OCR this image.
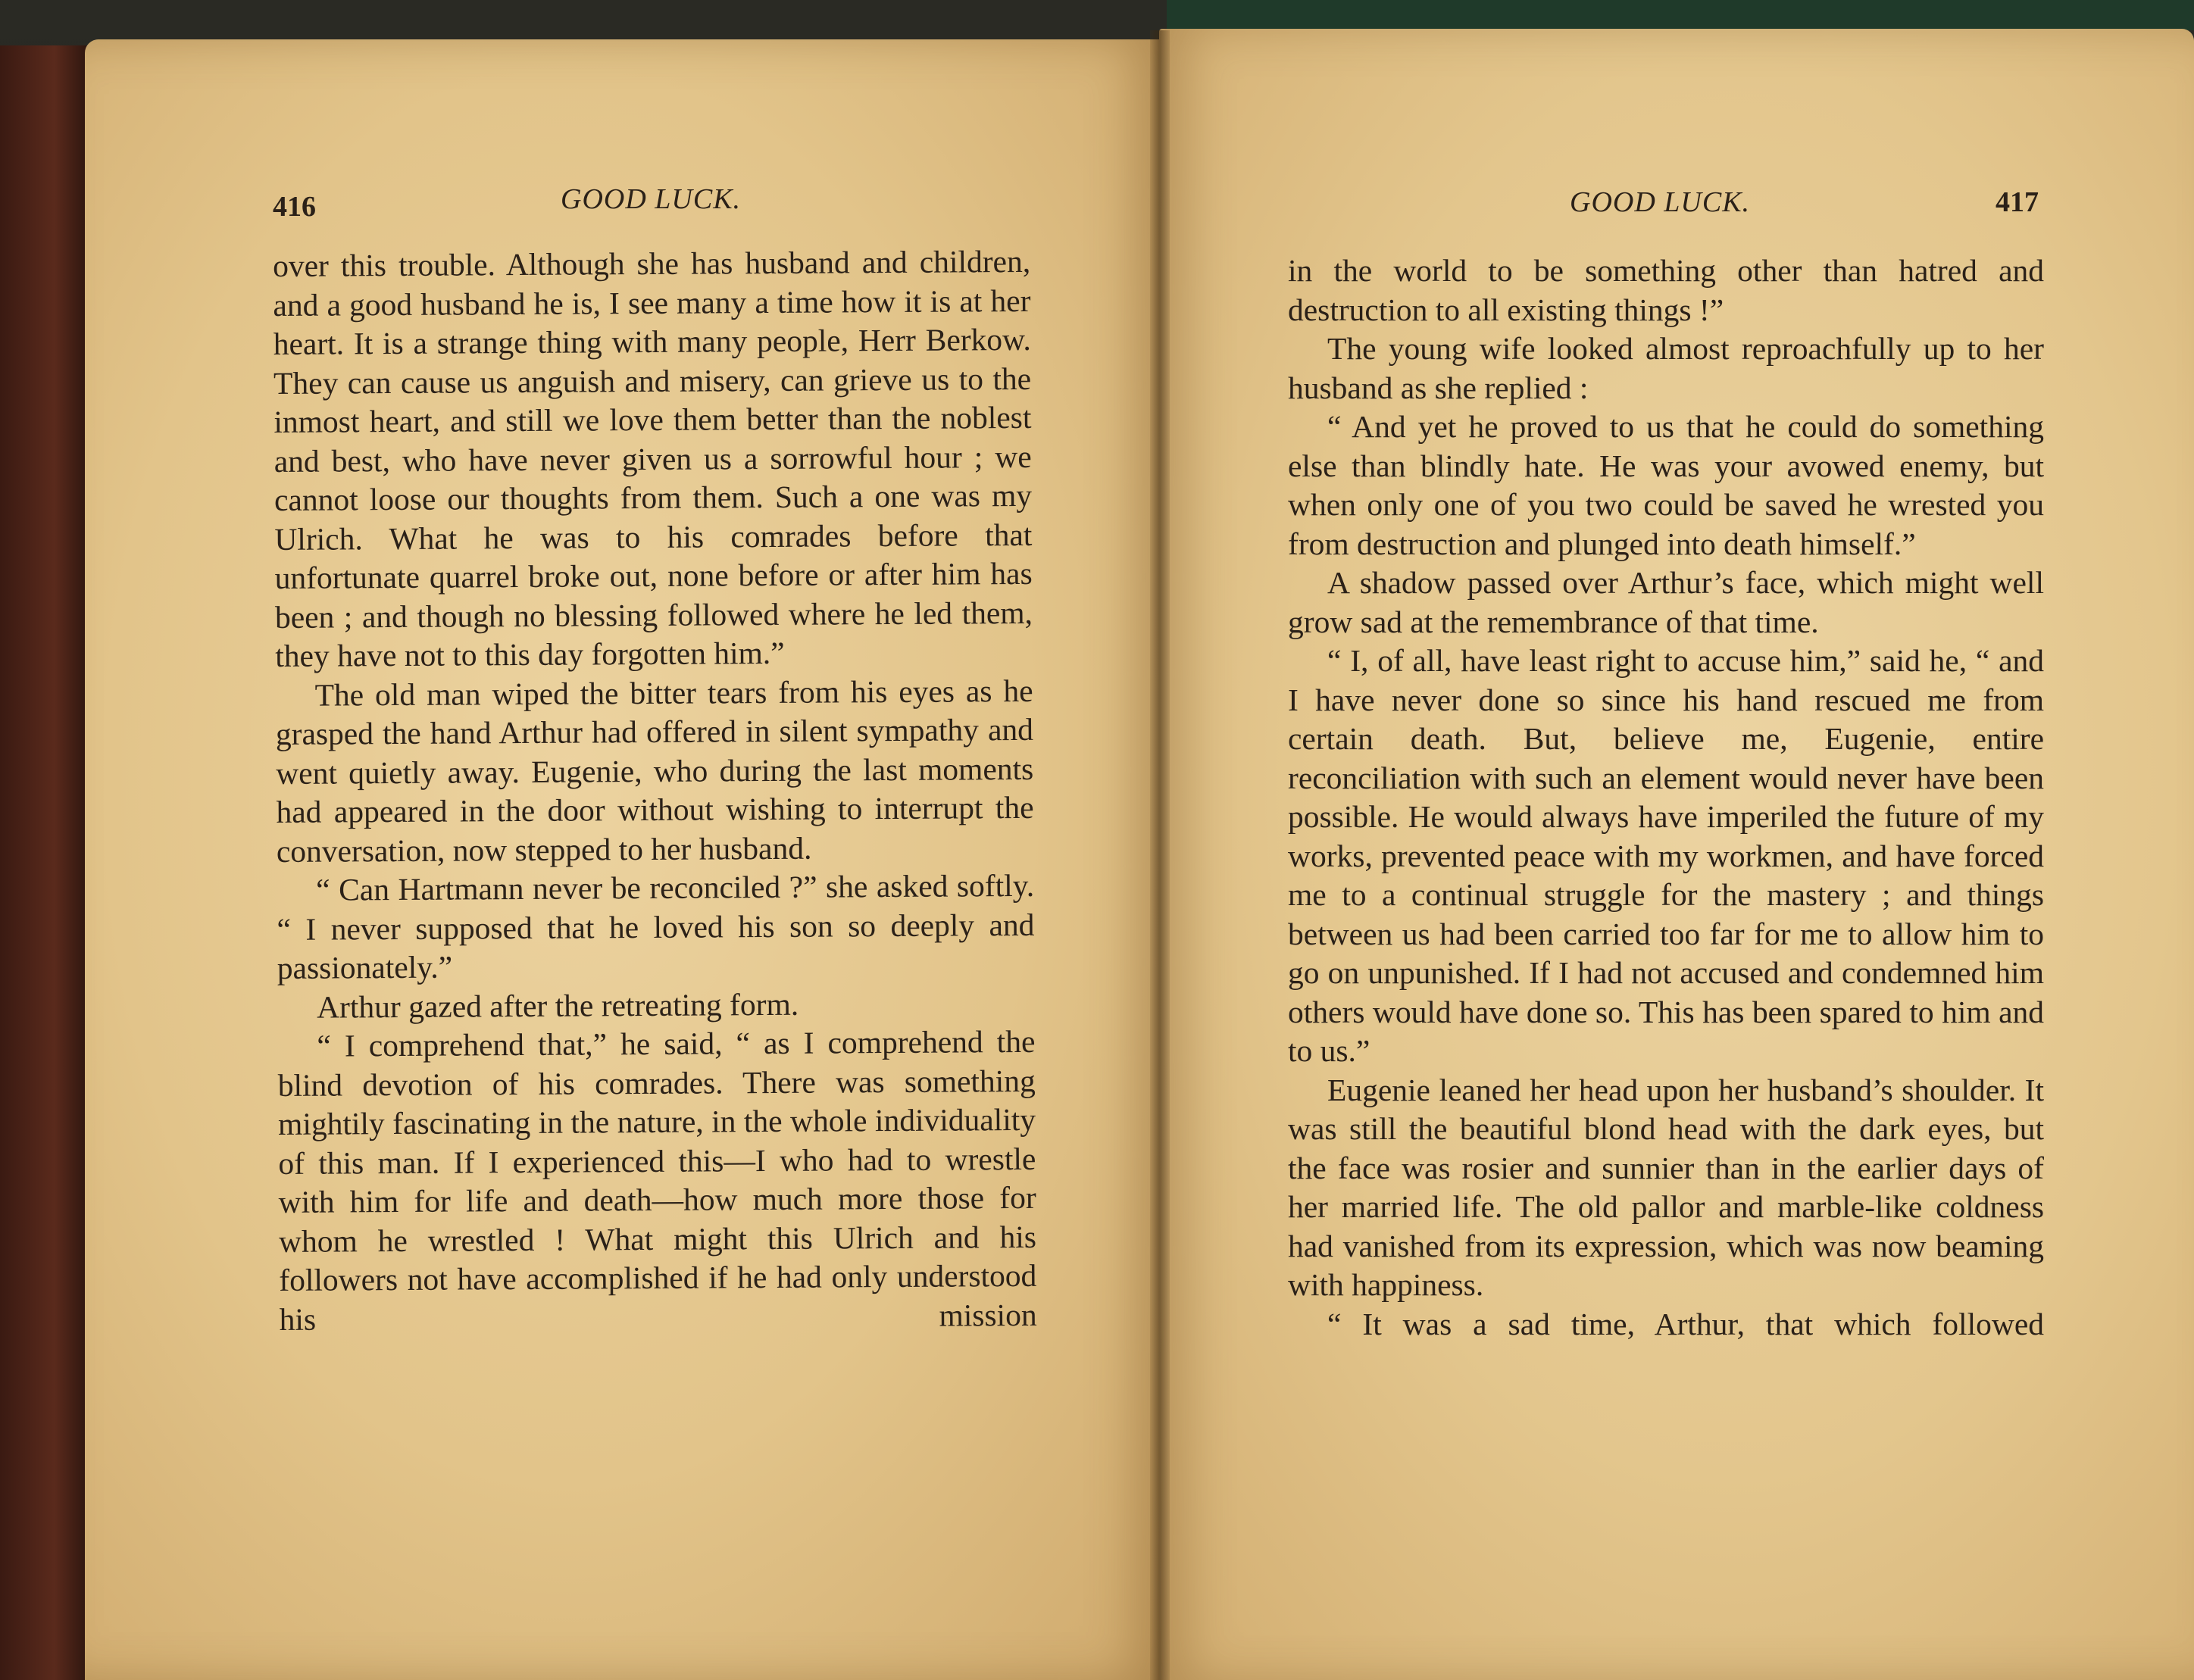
416	GOOD LUCK.	GOOD LUCK.	417

over this trouble. Although she has husband and children, and a good husband he is, I see many a time how it is at her heart. It is a strange thing with many people, Herr Berkow. They can cause us anguish and misery, can grieve us to the inmost heart, and still we love them better than the noblest and best, who have never given us a sorrowful hour ; we cannot loose our thoughts from them. Such a one was my Ulrich. What he was to his comrades before that unfortunate quarrel broke out, none before or after him has been ; and though no blessing followed where he led them, they have not to this day forgotten him.”

The old man wiped the bitter tears from his eyes as he grasped the hand Arthur had offered in silent sympathy and went quietly away. Eugenie, who during the last moments had appeared in the door without wishing to interrupt the conversation, now stepped to her husband.

“ Can Hartmann never be reconciled ?” she asked softly. “ I never supposed that he loved his son so deeply and passionately.”

Arthur gazed after the retreating form.

“ I comprehend that,” he said, “ as I comprehend the blind devotion of his comrades. There was something mightily fascinating in the nature, in the whole individuality of this man. If I experienced this—I who had to wrestle with him for life and death—how much more those for whom he wrestled ! What might this Ulrich and his followers not have accomplished if he had only understood his mission

in the world to be something other than hatred and destruction to all existing things !”

The young wife looked almost reproachfully up to her husband as she replied :

“ And yet he proved to us that he could do something else than blindly hate. He was your avowed enemy, but when only one of you two could be saved he wrested you from destruction and plunged into death himself.”

A shadow passed over Arthur’s face, which might well grow sad at the remembrance of that time.

“ I, of all, have least right to accuse him,” said he, “ and I have never done so since his hand rescued me from certain death. But, believe me, Eugenie, entire reconciliation with such an element would never have been possible. He would always have imperiled the future of my works, prevented peace with my workmen, and have forced me to a continual struggle for the mastery ; and things between us had been carried too far for me to allow him to go on unpunished. If I had not accused and condemned him others would have done so. This has been spared to him and to us.”

Eugenie leaned her head upon her husband’s shoulder. It was still the beautiful blond head with the dark eyes, but the face was rosier and sunnier than in the earlier days of her married life. The old pallor and marble-like coldness had vanished from its expression, which was now beaming with happiness.

“ It was a sad time, Arthur, that which followed
